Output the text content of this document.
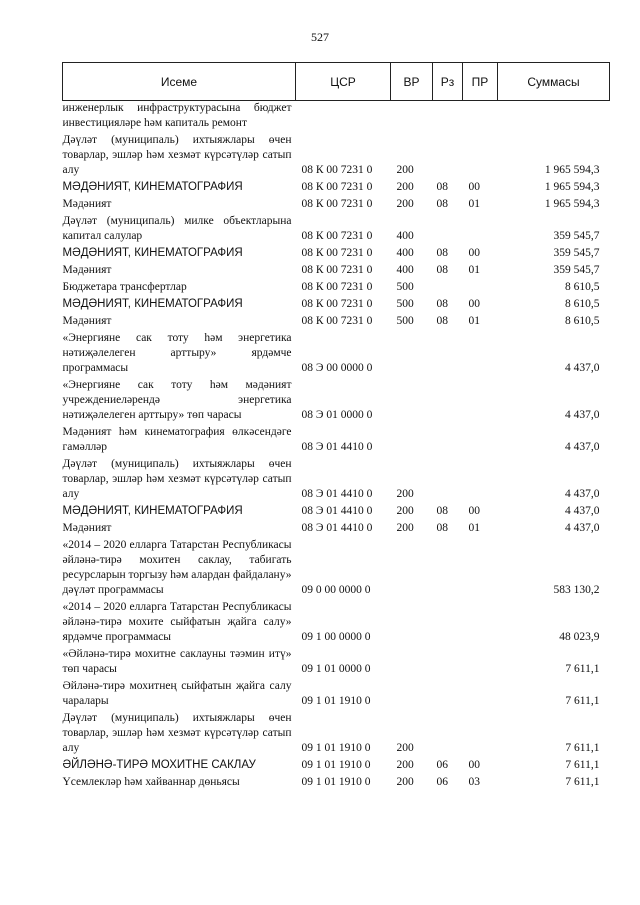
527
Исеме	ЦСР	ВР	Рз	ПР	Суммасы
инженерлык инфраструктурасына бюджет инвестицияләре һәм капиталь ремонт					
Дәүләт (муниципаль) ихтыяжлары өчен товарлар, эшләр һәм хезмәт күрсәтүләр сатып алу	08 К 00 7231 0	200			1 965 594,3
МӘДӘНИЯТ, КИНЕМАТОГРАФИЯ	08 К 00 7231 0	200	08	00	1 965 594,3
Мәдәният	08 К 00 7231 0	200	08	01	1 965 594,3
Дәүләт (муниципаль) милке объектларына капитал салулар	08 К 00 7231 0	400			359 545,7
МӘДӘНИЯТ, КИНЕМАТОГРАФИЯ	08 К 00 7231 0	400	08	00	359 545,7
Мәдәният	08 К 00 7231 0	400	08	01	359 545,7
Бюджетара трансфертлар	08 К 00 7231 0	500			8 610,5
МӘДӘНИЯТ, КИНЕМАТОГРАФИЯ	08 К 00 7231 0	500	08	00	8 610,5
Мәдәният	08 К 00 7231 0	500	08	01	8 610,5
«Энергияне сак тоту һәм энергетика нәтиҗәлелеген арттыру» ярдәмче программасы	08 Э 00 0000 0				4 437,0
«Энергияне сак тоту һәм мәдәният учреждениеләрендә энергетика нәтиҗәлелеген арттыру» төп чарасы	08 Э 01 0000 0				4 437,0
Мәдәният һәм кинематография өлкәсендәге гамәлләр	08 Э 01 4410 0				4 437,0
Дәүләт (муниципаль) ихтыяжлары өчен товарлар, эшләр һәм хезмәт күрсәтүләр сатып алу	08 Э 01 4410 0	200			4 437,0
МӘДӘНИЯТ, КИНЕМАТОГРАФИЯ	08 Э 01 4410 0	200	08	00	4 437,0
Мәдәният	08 Э 01 4410 0	200	08	01	4 437,0
«2014 – 2020 елларга Татарстан Республикасы әйләнә-тирә мохитен саклау, табигать ресурсларын торгызу һәм алардан файдалану» дәүләт программасы	09 0 00 0000 0				583 130,2
«2014 – 2020 елларга Татарстан Республикасы әйләнә-тирә мохите сыйфатын җайга салу» ярдәмче программасы	09 1 00 0000 0				48 023,9
«Әйләнә-тирә мохитне саклауны тәэмин итү» төп чарасы	09 1 01 0000 0				7 611,1
Әйләнә-тирә мохитнең сыйфатын җайга салу чаралары	09 1 01 1910 0				7 611,1
Дәүләт (муниципаль) ихтыяжлары өчен товарлар, эшләр һәм хезмәт күрсәтүләр сатып алу	09 1 01 1910 0	200			7 611,1
ӘЙЛӘНӘ-ТИРӘ МОХИТНЕ САКЛАУ	09 1 01 1910 0	200	06	00	7 611,1
Үсемлекләр һәм хайваннар дөньясы	09 1 01 1910 0	200	06	03	7 611,1
